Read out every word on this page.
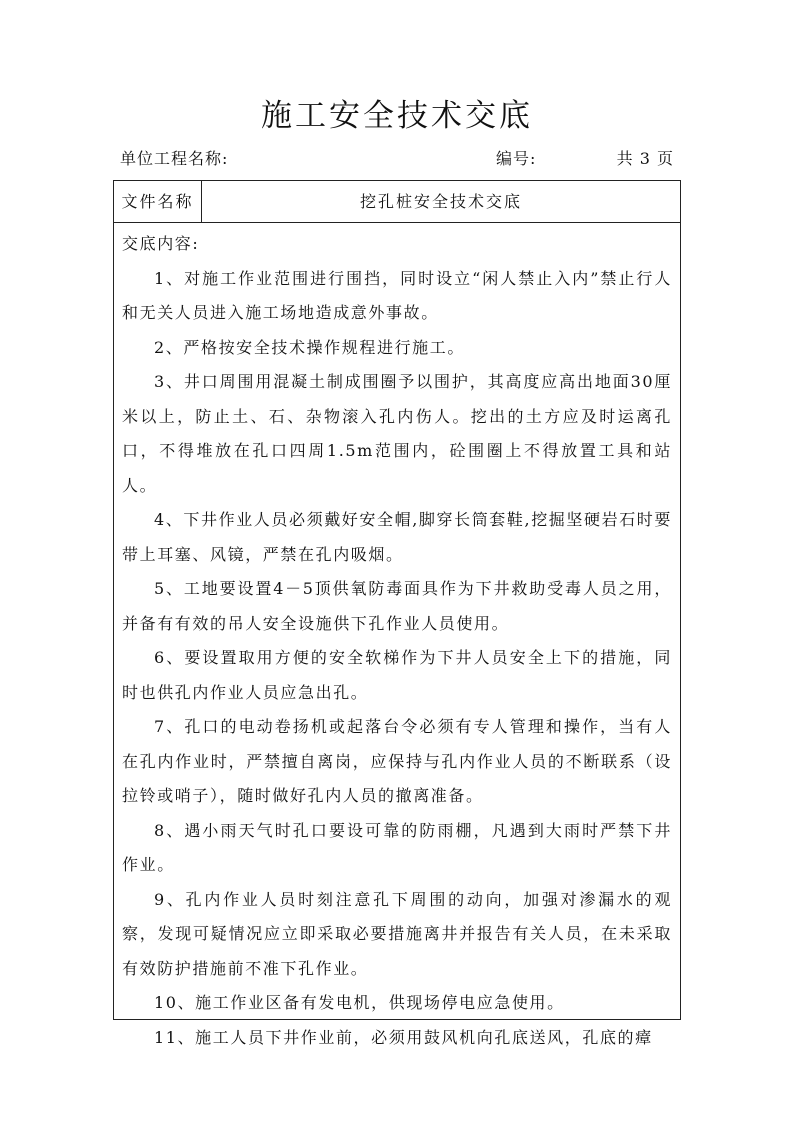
施工安全技术交底
单位工程名称:	编号:	共 3 页
文件名称	挖孔桩安全技术交底

交底内容:

1、对施工作业范围进行围挡，同时设立“闲人禁止入内”禁止行人和无关人员进入施工场地造成意外事故。

2、严格按安全技术操作规程进行施工。

3、井口周围用混凝土制成围圈予以围护，其高度应高出地面30厘米以上，防止土、石、杂物滚入孔内伤人。挖出的土方应及时运离孔口，不得堆放在孔口四周1.5m范围内，砼围圈上不得放置工具和站人。

4、下井作业人员必须戴好安全帽,脚穿长筒套鞋,挖掘坚硬岩石时要带上耳塞、风镜，严禁在孔内吸烟。

5、工地要设置4－5顶供氧防毒面具作为下井救助受毒人员之用，并备有有效的吊人安全设施供下孔作业人员使用。

6、要设置取用方便的安全软梯作为下井人员安全上下的措施，同时也供孔内作业人员应急出孔。

7、孔口的电动卷扬机或起落台令必须有专人管理和操作，当有人在孔内作业时，严禁擅自离岗，应保持与孔内作业人员的不断联系（设拉铃或哨子），随时做好孔内人员的撤离准备。

8、遇小雨天气时孔口要设可靠的防雨棚，凡遇到大雨时严禁下井作业。

9、孔内作业人员时刻注意孔下周围的动向，加强对渗漏水的观察，发现可疑情况应立即采取必要措施离井并报告有关人员，在未采取有效防护措施前不准下孔作业。

10、施工作业区备有发电机，供现场停电应急使用。

11、施工人员下井作业前，必须用鼓风机向孔底送风，孔底的瘴
